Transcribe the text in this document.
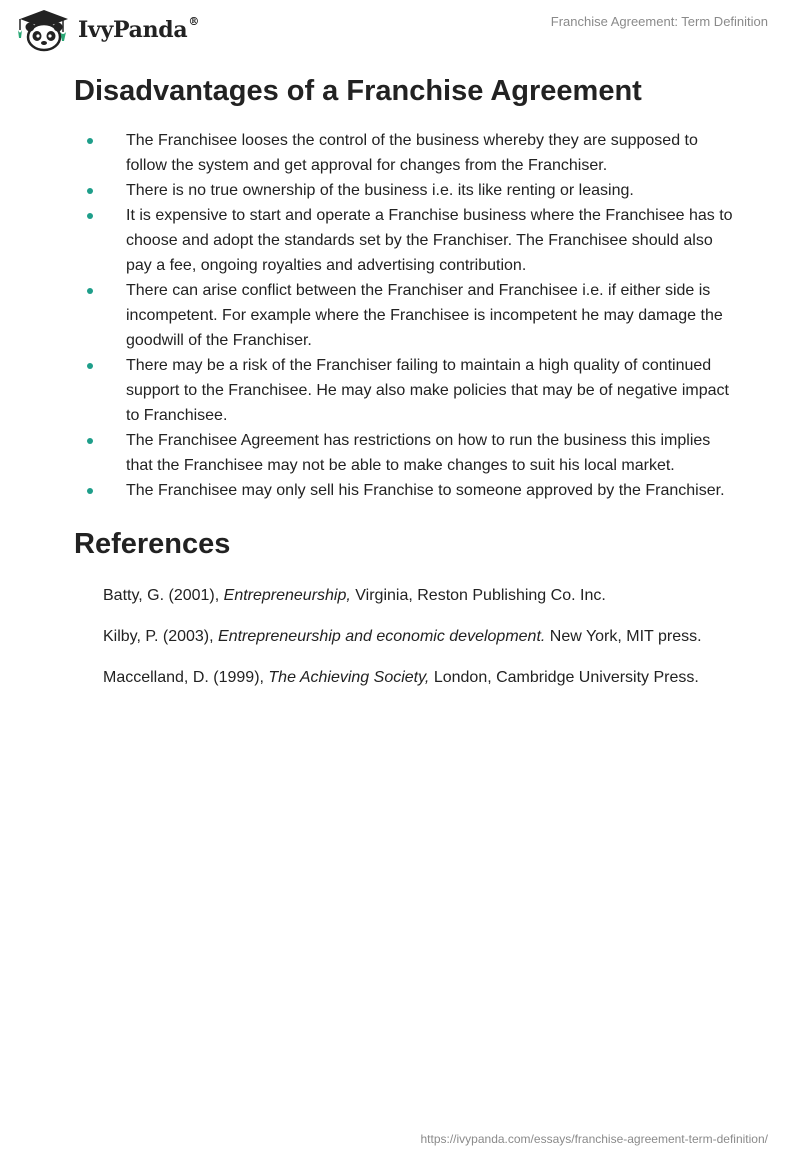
IvyPanda®	Franchise Agreement: Term Definition
Disadvantages of a Franchise Agreement
The Franchisee looses the control of the business whereby they are supposed to follow the system and get approval for changes from the Franchiser.
There is no true ownership of the business i.e. its like renting or leasing.
It is expensive to start and operate a Franchise business where the Franchisee has to choose and adopt the standards set by the Franchiser. The Franchisee should also pay a fee, ongoing royalties and advertising contribution.
There can arise conflict between the Franchiser and Franchisee i.e. if either side is incompetent. For example where the Franchisee is incompetent he may damage the goodwill of the Franchiser.
There may be a risk of the Franchiser failing to maintain a high quality of continued support to the Franchisee. He may also make policies that may be of negative impact to Franchisee.
The Franchisee Agreement has restrictions on how to run the business this implies that the Franchisee may not be able to make changes to suit his local market.
The Franchisee may only sell his Franchise to someone approved by the Franchiser.
References

Batty, G. (2001), Entrepreneurship, Virginia, Reston Publishing Co. Inc.

Kilby, P. (2003), Entrepreneurship and economic development. New York, MIT press.

Maccelland, D. (1999), The Achieving Society, London, Cambridge University Press.

https://ivypanda.com/essays/franchise-agreement-term-definition/
